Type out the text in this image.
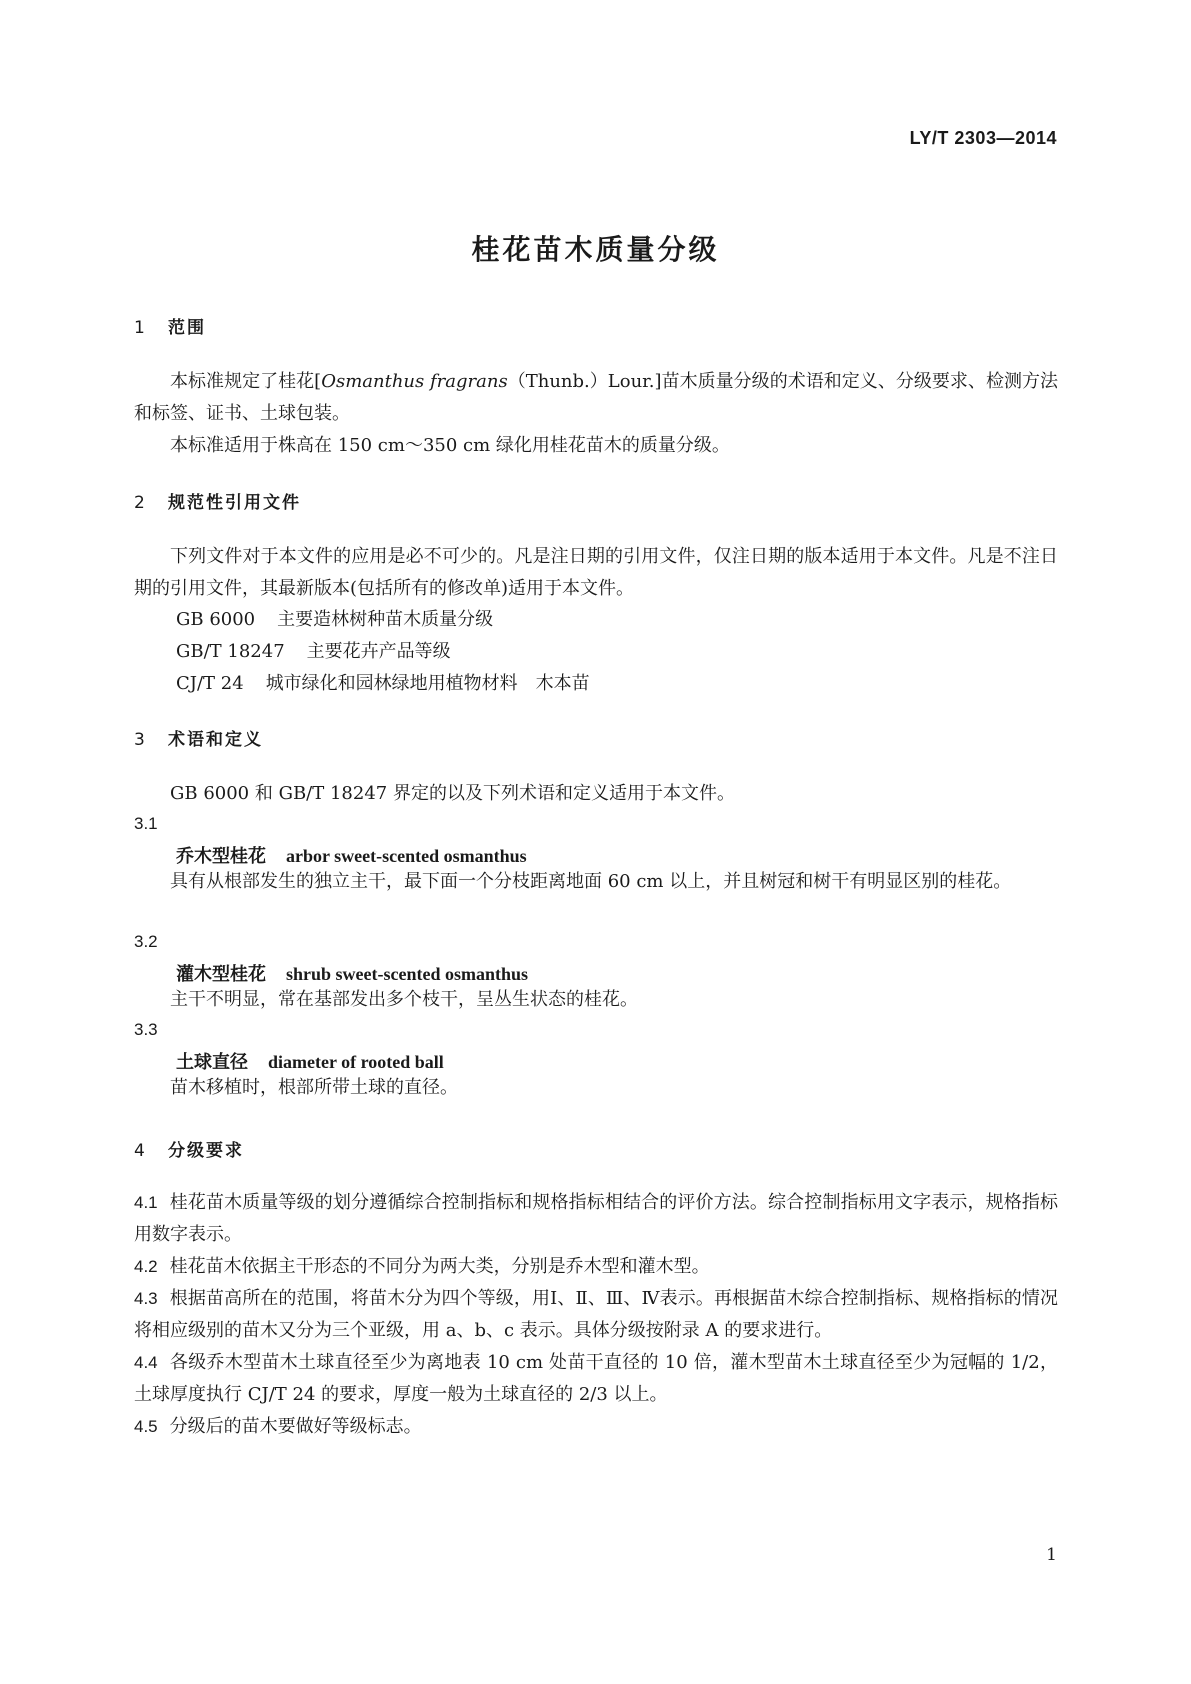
LY/T 2303—2014
桂花苗木质量分级
1 范围
本标准规定了桂花[Osmanthus fragrans（Thunb.）Lour.]苗木质量分级的术语和定义、分级要求、检测方法和标签、证书、土球包装。
本标准适用于株高在 150 cm～350 cm 绿化用桂花苗木的质量分级。
2 规范性引用文件
下列文件对于本文件的应用是必不可少的。凡是注日期的引用文件，仅注日期的版本适用于本文件。凡是不注日期的引用文件，其最新版本(包括所有的修改单)适用于本文件。
GB 6000 主要造林树种苗木质量分级
GB/T 18247 主要花卉产品等级
CJ/T 24 城市绿化和园林绿地用植物材料　木本苗
3 术语和定义
GB 6000 和 GB/T 18247 界定的以及下列术语和定义适用于本文件。
3.1
乔木型桂花 arbor sweet-scented osmanthus
具有从根部发生的独立主干，最下面一个分枝距离地面 60 cm 以上，并且树冠和树干有明显区别的桂花。
3.2
灌木型桂花 shrub sweet-scented osmanthus
主干不明显，常在基部发出多个枝干，呈丛生状态的桂花。
3.3
土球直径 diameter of rooted ball
苗木移植时，根部所带土球的直径。
4 分级要求
4.1 桂花苗木质量等级的划分遵循综合控制指标和规格指标相结合的评价方法。综合控制指标用文字表示，规格指标用数字表示。
4.2 桂花苗木依据主干形态的不同分为两大类，分别是乔木型和灌木型。
4.3 根据苗高所在的范围，将苗木分为四个等级，用Ⅰ、Ⅱ、Ⅲ、Ⅳ表示。再根据苗木综合控制指标、规格指标的情况将相应级别的苗木又分为三个亚级，用 a、b、c 表示。具体分级按附录 A 的要求进行。
4.4 各级乔木型苗木土球直径至少为离地表 10 cm 处苗干直径的 10 倍，灌木型苗木土球直径至少为冠幅的 1/2，土球厚度执行 CJ/T 24 的要求，厚度一般为土球直径的 2/3 以上。
4.5 分级后的苗木要做好等级标志。
1
